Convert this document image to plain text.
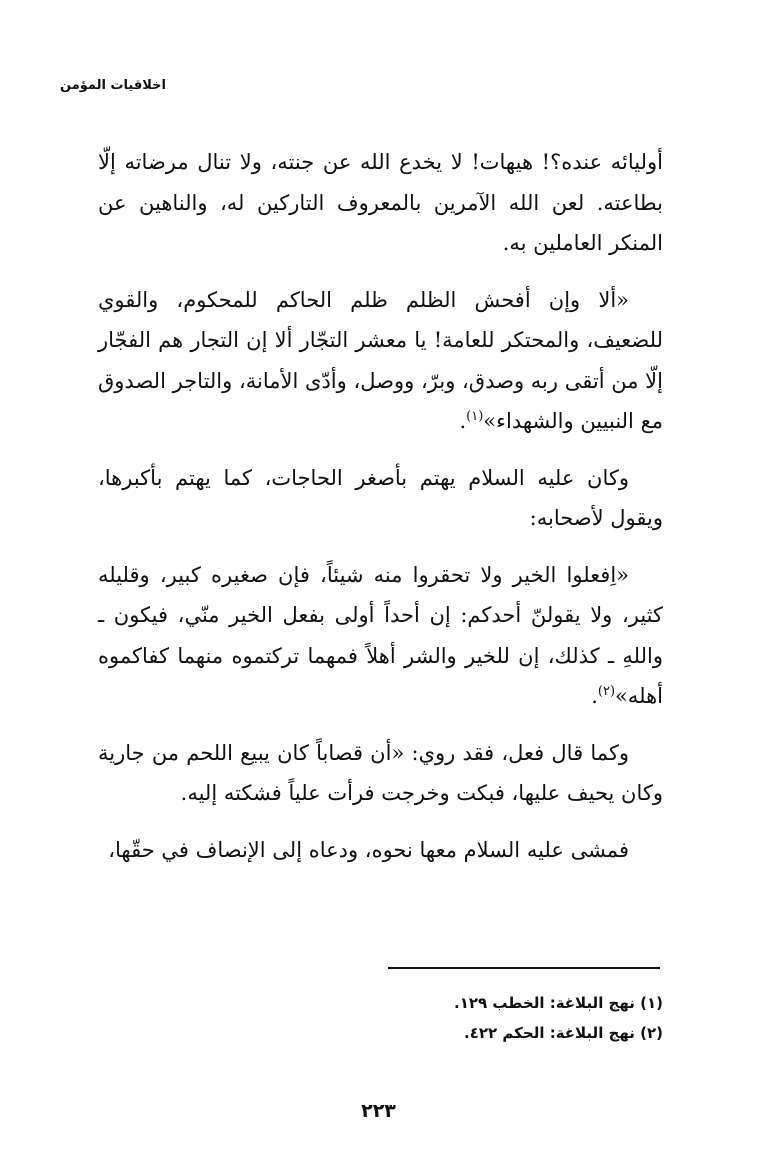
اخلاقيات المؤمن

أوليائه عنده؟! هيهات! لا يخدع الله عن جنته، ولا تنال مرضاته إلّا بطاعته. لعن الله الآمرين بالمعروف التاركين له، والناهين عن المنكر العاملين به.

«ألا وإن أفحش الظلم ظلم الحاكم للمحكوم، والقوي للضعيف، والمحتكر للعامة! يا معشر التجّار ألا إن التجار هم الفجّار إلّا من أتقى ربه وصدق، وبرّ، ووصل، وأدّى الأمانة، والتاجر الصدوق مع النبيين والشهداء»$^{(١)}$.

وكان عليه السلام يهتم بأصغر الحاجات، كما يهتم بأكبرها، ويقول لأصحابه:

«اِفعلوا الخير ولا تحقروا منه شيئاً، فإن صغيره كبير، وقليله كثير، ولا يقولنّ أحدكم: إن أحداً أولى بفعل الخير منّي، فيكون ـ واللهِ ـ كذلك، إن للخير والشر أهلاً فمهما تركتموه منهما كفاكموه أهله»$^{(٢)}$.

وكما قال فعل، فقد روي: «أن قصاباً كان يبيع اللحم من جارية وكان يحيف عليها، فبكت وخرجت فرأت علياً فشكته إليه.

فمشى عليه السلام معها نحوه، ودعاه إلى الإنصاف في حقّها،

(١) نهج البلاغة: الخطب ١٢٩.
(٢) نهج البلاغة: الحكم ٤٢٢.
٢٢٣
